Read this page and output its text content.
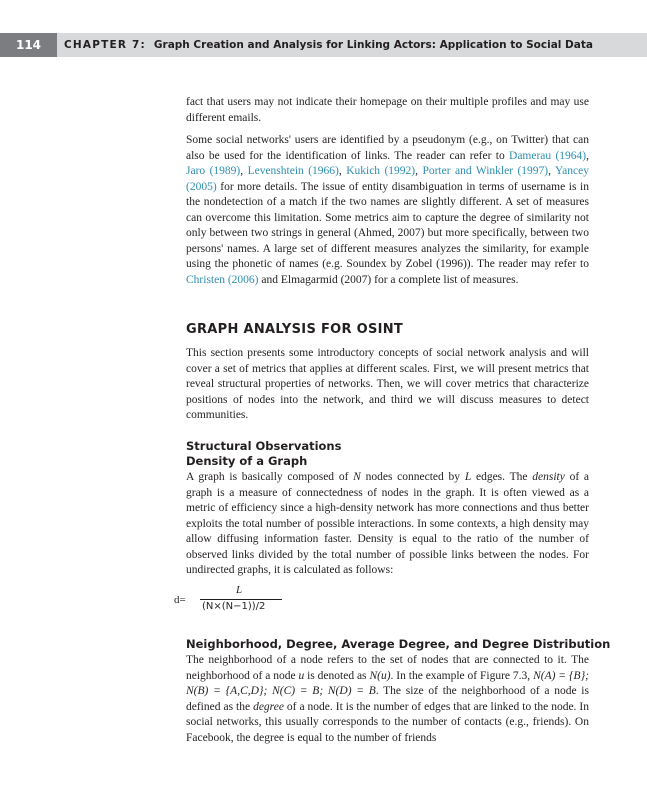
114	CHAPTER 7: Graph Creation and Analysis for Linking Actors: Application to Social Data

fact that users may not indicate their homepage on their multiple profiles and may use different emails.

Some social networks' users are identified by a pseudonym (e.g., on Twitter) that can also be used for the identification of links. The reader can refer to Damerau (1964), Jaro (1989), Levenshtein (1966), Kukich (1992), Porter and Winkler (1997), Yancey (2005) for more details. The issue of entity disambiguation in terms of username is in the nondetection of a match if the two names are slightly different. A set of measures can overcome this limitation. Some metrics aim to capture the degree of similarity not only between two strings in general (Ahmed, 2007) but more specifically, between two persons' names. A large set of different measures analyzes the similarity, for example using the phonetic of names (e.g. Soundex by Zobel (1996)). The reader may refer to Christen (2006) and Elmagarmid (2007) for a complete list of measures.

GRAPH ANALYSIS FOR OSINT

This section presents some introductory concepts of social network analysis and will cover a set of metrics that applies at different scales. First, we will present metrics that reveal structural properties of networks. Then, we will cover metrics that characterize positions of nodes into the network, and third we will discuss measures to detect communities.

Structural Observations
Density of a Graph

A graph is basically composed of N nodes connected by L edges. The density of a graph is a measure of connectedness of nodes in the graph. It is often viewed as a metric of efficiency since a high-density network has more connections and thus better exploits the total number of possible interactions. In some contexts, a high density may allow diffusing information faster. Density is equal to the ratio of the number of observed links divided by the total number of possible links between the nodes. For undirected graphs, it is calculated as follows:

L
d=
(N×(N−1))/2
Neighborhood, Degree, Average Degree, and Degree Distribution

The neighborhood of a node refers to the set of nodes that are connected to it. The neighborhood of a node u is denoted as N(u). In the example of Figure 7.3, N(A) = {B}; N(B) = {A,C,D}; N(C) = B; N(D) = B. The size of the neighborhood of a node is defined as the degree of a node. It is the number of edges that are linked to the node. In social networks, this usually corresponds to the number of contacts (e.g., friends). On Facebook, the degree is equal to the number of friends
